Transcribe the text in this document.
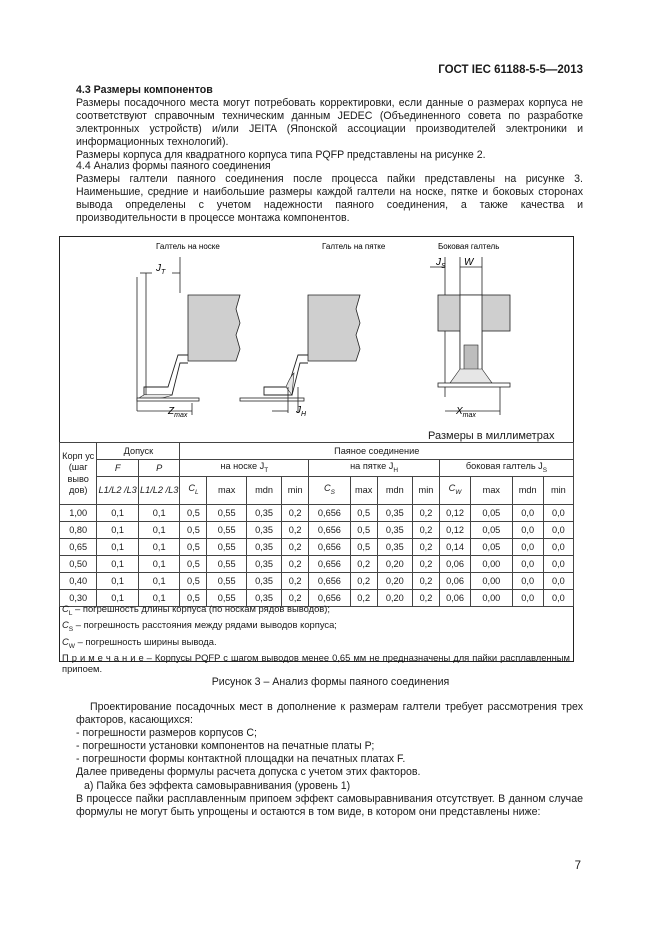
ГОСТ IEC 61188-5-5—2013

4.3 Размеры компонентов

Размеры посадочного места могут потребовать корректировки, если данные о размерах корпуса не соответствуют справочным техническим данным JEDEC (Объединенного совета по разработке электронных устройств) и/или JEITA (Японской ассоциации производителей электроники и информационных технологий).

Размеры корпуса для квадратного корпуса типа PQFP представлены на рисунке 2.

4.4 Анализ формы паяного соединения

Размеры галтели паяного соединения после процесса пайки представлены на рисунке 3. Наименьшие, средние и наибольшие размеры каждой галтели на носке, пятке и боковых сторонах вывода определены с учетом надежности паяного соединения, а также качества и производительности в процессе монтажа компонентов.

Галтель на носке	Галтель на пятке	Боковая галтель
$J_T$
$Z_{max}$	$J_H$
$J_S$ W
$X_{max}$
Размеры в миллиметрах
Корп ус (шаг выво дов)	Допуск		Паяное соединение											
	F	P	на носке $J_T$				на пятке $J_H$				боковая галтель $J_S$
	L1/L2 /L3	L1/L2 /L3	$C_L$	max	mdn	min	$C_S$	max	mdn	min	$C_W$	max	mdn	min
1,00	0,1	0,1	0,5	0,55	0,35	0,2	0,656	0,5	0,35	0,2	0,12	0,05	0,0	0,0
0,80	0,1	0,1	0,5	0,55	0,35	0,2	0,656	0,5	0,35	0,2	0,12	0,05	0,0	0,0
0,65	0,1	0,1	0,5	0,55	0,35	0,2	0,656	0,5	0,35	0,2	0,14	0,05	0,0	0,0
0,50	0,1	0,1	0,5	0,55	0,35	0,2	0,656	0,2	0,20	0,2	0,06	0,00	0,0	0,0
0,40	0,1	0,1	0,5	0,55	0,35	0,2	0,656	0,2	0,20	0,2	0,06	0,00	0,0	0,0
0,30	0,1	0,1	0,5	0,55	0,35	0,2	0,656	0,2	0,20	0,2	0,06	0,00	0,0	0,0

$C_L$ – погрешность длины корпуса (по носкам рядов выводов);

$C_S$ – погрешность расстояния между рядами выводов корпуса;

$C_W$ – погрешность ширины вывода.

П р и м е ч а н и е – Корпусы PQFP с шагом выводов менее 0,65 мм не предназначены для пайки расплавленным припоем.

Рисунок 3 – Анализ формы паяного соединения

Проектирование посадочных мест в дополнение к размерам галтели требует рассмотрения трех факторов, касающихся:

- погрешности размеров корпусов С;

- погрешности установки компонентов на печатные платы Р;

- погрешности формы контактной площадки на печатных платах F.

Далее приведены формулы расчета допуска с учетом этих факторов.

а) Пайка без эффекта самовыравнивания (уровень 1)

В процессе пайки расплавленным припоем эффект самовыравнивания отсутствует. В данном случае формулы не могут быть упрощены и остаются в том виде, в котором они представлены ниже:

7
